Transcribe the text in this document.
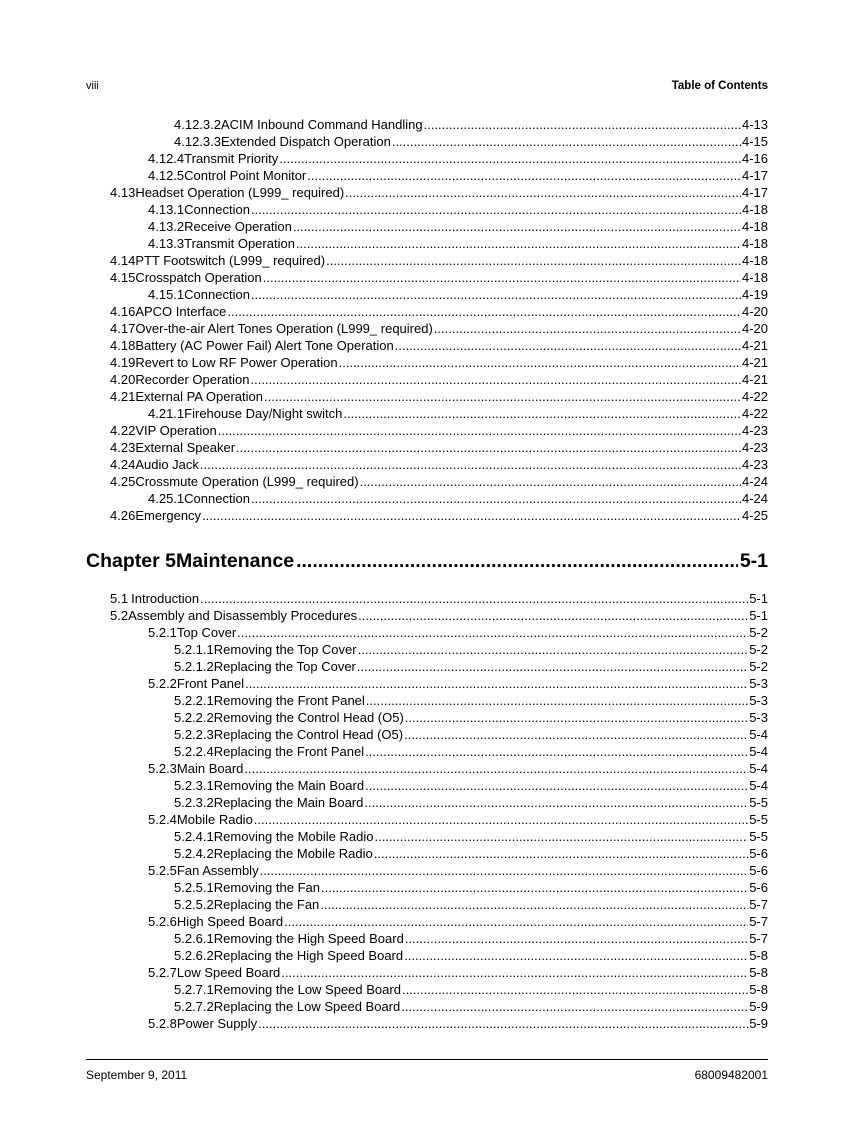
viii	Table of Contents
4.12.3.2 ACIM Inbound Command Handling .....	4-13
4.12.3.3 Extended Dispatch Operation .....	4-15
4.12.4 Transmit Priority .....	4-16
4.12.5 Control Point Monitor .....	4-17
4.13 Headset Operation (L999_ required) .....	4-17
4.13.1 Connection .....	4-18
4.13.2 Receive Operation .....	4-18
4.13.3 Transmit Operation .....	4-18
4.14 PTT Footswitch (L999_ required) .....	4-18
4.15 Crosspatch Operation .....	4-18
4.15.1 Connection .....	4-19
4.16 APCO Interface .....	4-20
4.17 Over-the-air Alert Tones Operation (L999_ required) .....	4-20
4.18 Battery (AC Power Fail) Alert Tone Operation .....	4-21
4.19 Revert to Low RF Power Operation .....	4-21
4.20 Recorder Operation .....	4-21
4.21 External PA Operation .....	4-22
4.21.1 Firehouse Day/Night switch .....	4-22
4.22 VIP Operation .....	4-23
4.23 External Speaker .....	4-23
4.24 Audio Jack .....	4-23
4.25 Crossmute Operation (L999_ required) .....	4-24
4.25.1 Connection .....	4-24
4.26 Emergency .....	4-25
Chapter 5 Maintenance .....	5-1
5.1 Introduction .....	5-1
5.2 Assembly and Disassembly Procedures .....	5-1
5.2.1 Top Cover .....	5-2
5.2.1.1 Removing the Top Cover .....	5-2
5.2.1.2 Replacing the Top Cover .....	5-2
5.2.2 Front Panel .....	5-3
5.2.2.1 Removing the Front Panel .....	5-3
5.2.2.2 Removing the Control Head (O5) .....	5-3
5.2.2.3 Replacing the Control Head (O5) .....	5-4
5.2.2.4 Replacing the Front Panel .....	5-4
5.2.3 Main Board .....	5-4
5.2.3.1 Removing the Main Board .....	5-4
5.2.3.2 Replacing the Main Board .....	5-5
5.2.4 Mobile Radio .....	5-5
5.2.4.1 Removing the Mobile Radio .....	5-5
5.2.4.2 Replacing the Mobile Radio .....	5-6
5.2.5 Fan Assembly .....	5-6
5.2.5.1 Removing the Fan .....	5-6
5.2.5.2 Replacing the Fan .....	5-7
5.2.6 High Speed Board .....	5-7
5.2.6.1 Removing the High Speed Board .....	5-7
5.2.6.2 Replacing the High Speed Board .....	5-8
5.2.7 Low Speed Board .....	5-8
5.2.7.1 Removing the Low Speed Board .....	5-8
5.2.7.2 Replacing the Low Speed Board .....	5-9
5.2.8 Power Supply .....	5-9
September 9, 2011	68009482001
